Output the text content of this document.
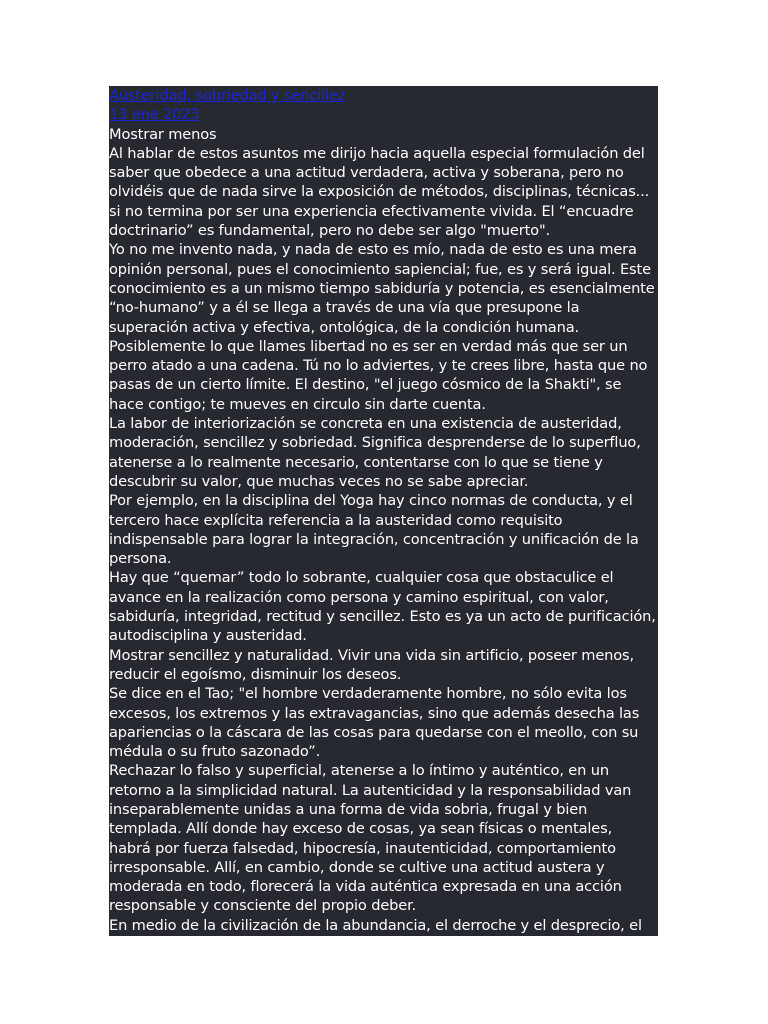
Austeridad, sobriedad y sencillez
13 ene 2023
Mostrar menos

Al hablar de estos asuntos me dirijo hacia aquella especial formulación del saber que obedece a una actitud verdadera, activa y soberana, pero no olvidéis que de nada sirve la exposición de métodos, disciplinas, técnicas... si no termina por ser una experiencia efectivamente vivida. El “encuadre doctrinario” es fundamental, pero no debe ser algo "muerto".

Yo no me invento nada, y nada de esto es mío, nada de esto es una mera opinión personal, pues el conocimiento sapiencial; fue, es y será igual. Este conocimiento es a un mismo tiempo sabiduría y potencia, es esencialmente “no-humano” y a él se llega a través de una vía que presupone la superación activa y efectiva, ontológica, de la condición humana.

Posiblemente lo que llames libertad no es ser en verdad más que ser un perro atado a una cadena. Tú no lo adviertes, y te crees libre, hasta que no pasas de un cierto límite. El destino, "el juego cósmico de la Shakti", se hace contigo; te mueves en circulo sin darte cuenta.

La labor de interiorización se concreta en una existencia de austeridad, moderación, sencillez y sobriedad. Significa desprenderse de lo superfluo, atenerse a lo realmente necesario, contentarse con lo que se tiene y descubrir su valor, que muchas veces no se sabe apreciar.

Por ejemplo, en la disciplina del Yoga hay cinco normas de conducta, y el tercero hace explícita referencia a la austeridad como requisito indispensable para lograr la integración, concentración y unificación de la persona.

Hay que “quemar” todo lo sobrante, cualquier cosa que obstaculice el avance en la realización como persona y camino espiritual, con valor, sabiduría, integridad, rectitud y sencillez. Esto es ya un acto de purificación, autodisciplina y austeridad.

Mostrar sencillez y naturalidad. Vivir una vida sin artificio, poseer menos, reducir el egoísmo, disminuir los deseos.

Se dice en el Tao; "el hombre verdaderamente hombre, no sólo evita los excesos, los extremos y las extravagancias, sino que además desecha las apariencias o la cáscara de las cosas para quedarse con el meollo, con su médula o su fruto sazonado”.

Rechazar lo falso y superficial, atenerse a lo íntimo y auténtico, en un retorno a la simplicidad natural. La autenticidad y la responsabilidad van inseparablemente unidas a una forma de vida sobria, frugal y bien templada. Allí donde hay exceso de cosas, ya sean físicas o mentales, habrá por fuerza falsedad, hipocresía, inautenticidad, comportamiento irresponsable. Allí, en cambio, donde se cultive una actitud austera y moderada en todo, florecerá la vida auténtica expresada en una acción responsable y consciente del propio deber.

En medio de la civilización de la abundancia, el derroche y el desprecio, el retorno a la interioridad conduce a una noble pobreza que procura aprovechar
